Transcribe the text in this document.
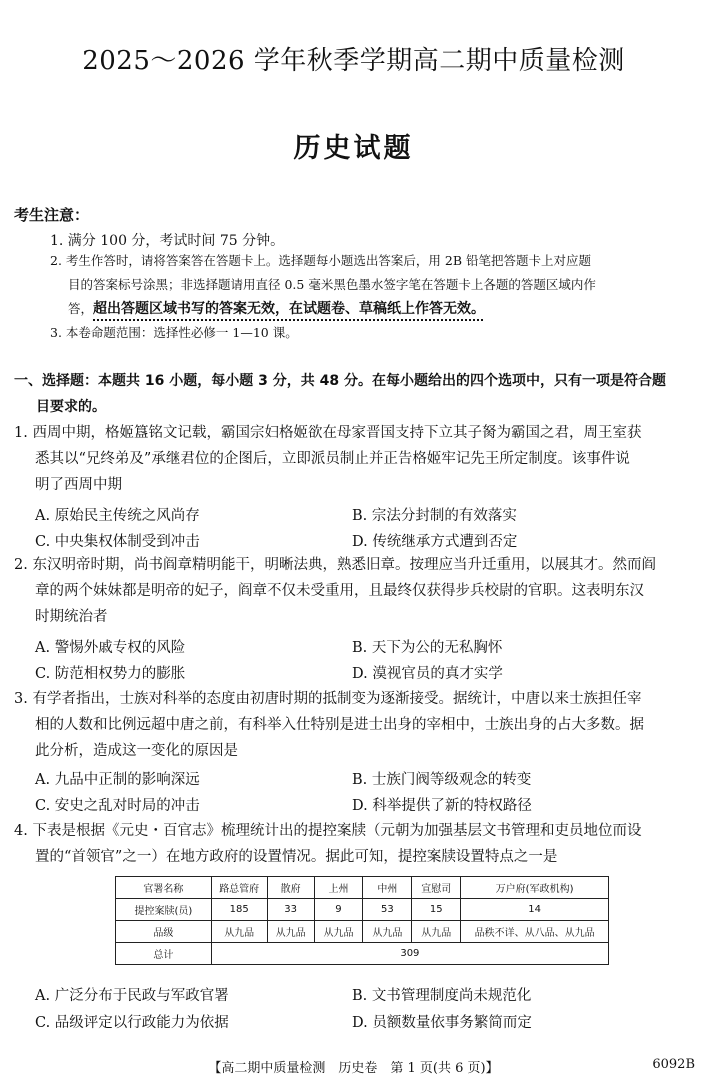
2025～2026 学年秋季学期高二期中质量检测
历史试题
考生注意：
1. 满分 100 分，考试时间 75 分钟。
2. 考生作答时，请将答案答在答题卡上。选择题每小题选出答案后，用 2B 铅笔把答题卡上对应题
目的答案标号涂黑；非选择题请用直径 0.5 毫米黑色墨水签字笔在答题卡上各题的答题区域内作
答，超出答题区域书写的答案无效，在试题卷、草稿纸上作答无效。
3. 本卷命题范围：选择性必修一 1—10 课。
一、选择题：本题共 16 小题，每小题 3 分，共 48 分。在每小题给出的四个选项中，只有一项是符合题
目要求的。
1. 西周中期，格姬簋铭文记载，霸国宗妇格姬欲在母家晋国支持下立其子胬为霸国之君，周王室获
悉其以“兄终弟及”承继君位的企图后，立即派员制止并正告格姬牢记先王所定制度。该事件说
明了西周中期
A. 原始民主传统之风尚存	B. 宗法分封制的有效落实
C. 中央集权体制受到冲击	D. 传统继承方式遭到否定
2. 东汉明帝时期，尚书阎章精明能干，明晰法典，熟悉旧章。按理应当升迁重用，以展其才。然而阎
章的两个妹妹都是明帝的妃子，阎章不仅未受重用，且最终仅获得步兵校尉的官职。这表明东汉
时期统治者
A. 警惕外戚专权的风险	B. 天下为公的无私胸怀
C. 防范相权势力的膨胀	D. 漠视官员的真才实学
3. 有学者指出，士族对科举的态度由初唐时期的抵制变为逐渐接受。据统计，中唐以来士族担任宰
相的人数和比例远超中唐之前，有科举入仕特别是进士出身的宰相中，士族出身的占大多数。据
此分析，造成这一变化的原因是
A. 九品中正制的影响深远	B. 士族门阀等级观念的转变
C. 安史之乱对时局的冲击	D. 科举提供了新的特权路径
4. 下表是根据《元史・百官志》梳理统计出的提控案牍（元朝为加强基层文书管理和吏员地位而设
置的“首领官”之一）在地方政府的设置情况。据此可知，提控案牍设置特点之一是
官署名称	路总管府	散府	上州	中州	宣慰司	万户府(军政机构)
提控案牍(员)	185	33	9	53	15	14
品级	从九品	从九品	从九品	从九品	从九品	品秩不详、从八品、从九品
总计	309					
A. 广泛分布于民政与军政官署	B. 文书管理制度尚未规范化
C. 品级评定以行政能力为依据	D. 员额数量依事务繁简而定
【高二期中质量检测　历史卷　第 1 页(共 6 页)】	6092B
